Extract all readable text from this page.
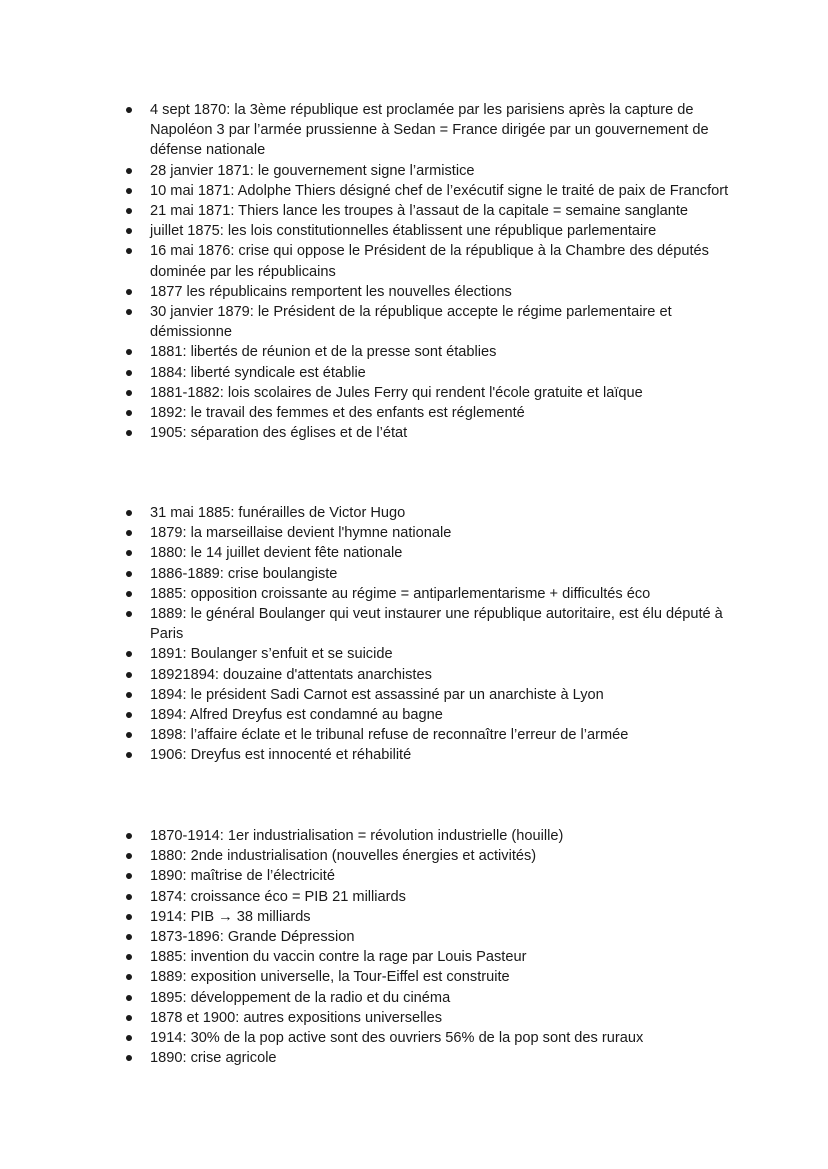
4 sept 1870: la 3ème république est proclamée par les parisiens après la capture de Napoléon 3 par l’armée prussienne à Sedan = France dirigée par un gouvernement de défense nationale
28 janvier 1871: le gouvernement signe l’armistice
10 mai 1871: Adolphe Thiers désigné chef de l’exécutif signe le traité de paix de Francfort
21 mai 1871: Thiers lance les troupes à l’assaut de la capitale = semaine sanglante
juillet 1875: les lois constitutionnelles établissent une république parlementaire
16 mai 1876: crise qui oppose le Président de la république à la Chambre des députés dominée par les républicains
1877 les républicains remportent les nouvelles élections
30 janvier 1879: le Président de la république accepte le régime parlementaire et démissionne
1881: libertés de réunion et de la presse sont établies
1884: liberté syndicale est établie
1881-1882: lois scolaires de Jules Ferry qui rendent l'école gratuite et laïque
1892: le travail des femmes et des enfants est réglementé
1905: séparation des églises et de l’état
31 mai 1885: funérailles de Victor Hugo
1879: la marseillaise devient l'hymne nationale
1880: le 14 juillet devient fête nationale
1886-1889: crise boulangiste
1885: opposition croissante au régime = antiparlementarisme + difficultés éco
1889: le général Boulanger qui veut instaurer une république autoritaire, est élu député à Paris
1891: Boulanger s’enfuit et se suicide
18921894: douzaine d'attentats anarchistes
1894: le président Sadi Carnot est assassiné par un anarchiste à Lyon
1894: Alfred Dreyfus est condamné au bagne
1898: l’affaire éclate et le tribunal refuse de reconnaître l’erreur de l’armée
1906: Dreyfus est innocenté et réhabilité
1870-1914: 1er industrialisation = révolution industrielle (houille)
1880: 2nde industrialisation (nouvelles énergies et activités)
1890: maîtrise de l’électricité
1874: croissance éco = PIB 21 milliards
1914: PIB → 38 milliards
1873-1896: Grande Dépression
1885: invention du vaccin contre la rage par Louis Pasteur
1889: exposition universelle, la Tour-Eiffel est construite
1895: développement de la radio et du cinéma
1878 et 1900: autres expositions universelles
1914: 30% de la pop active sont des ouvriers 56% de la pop sont des ruraux
1890: crise agricole
